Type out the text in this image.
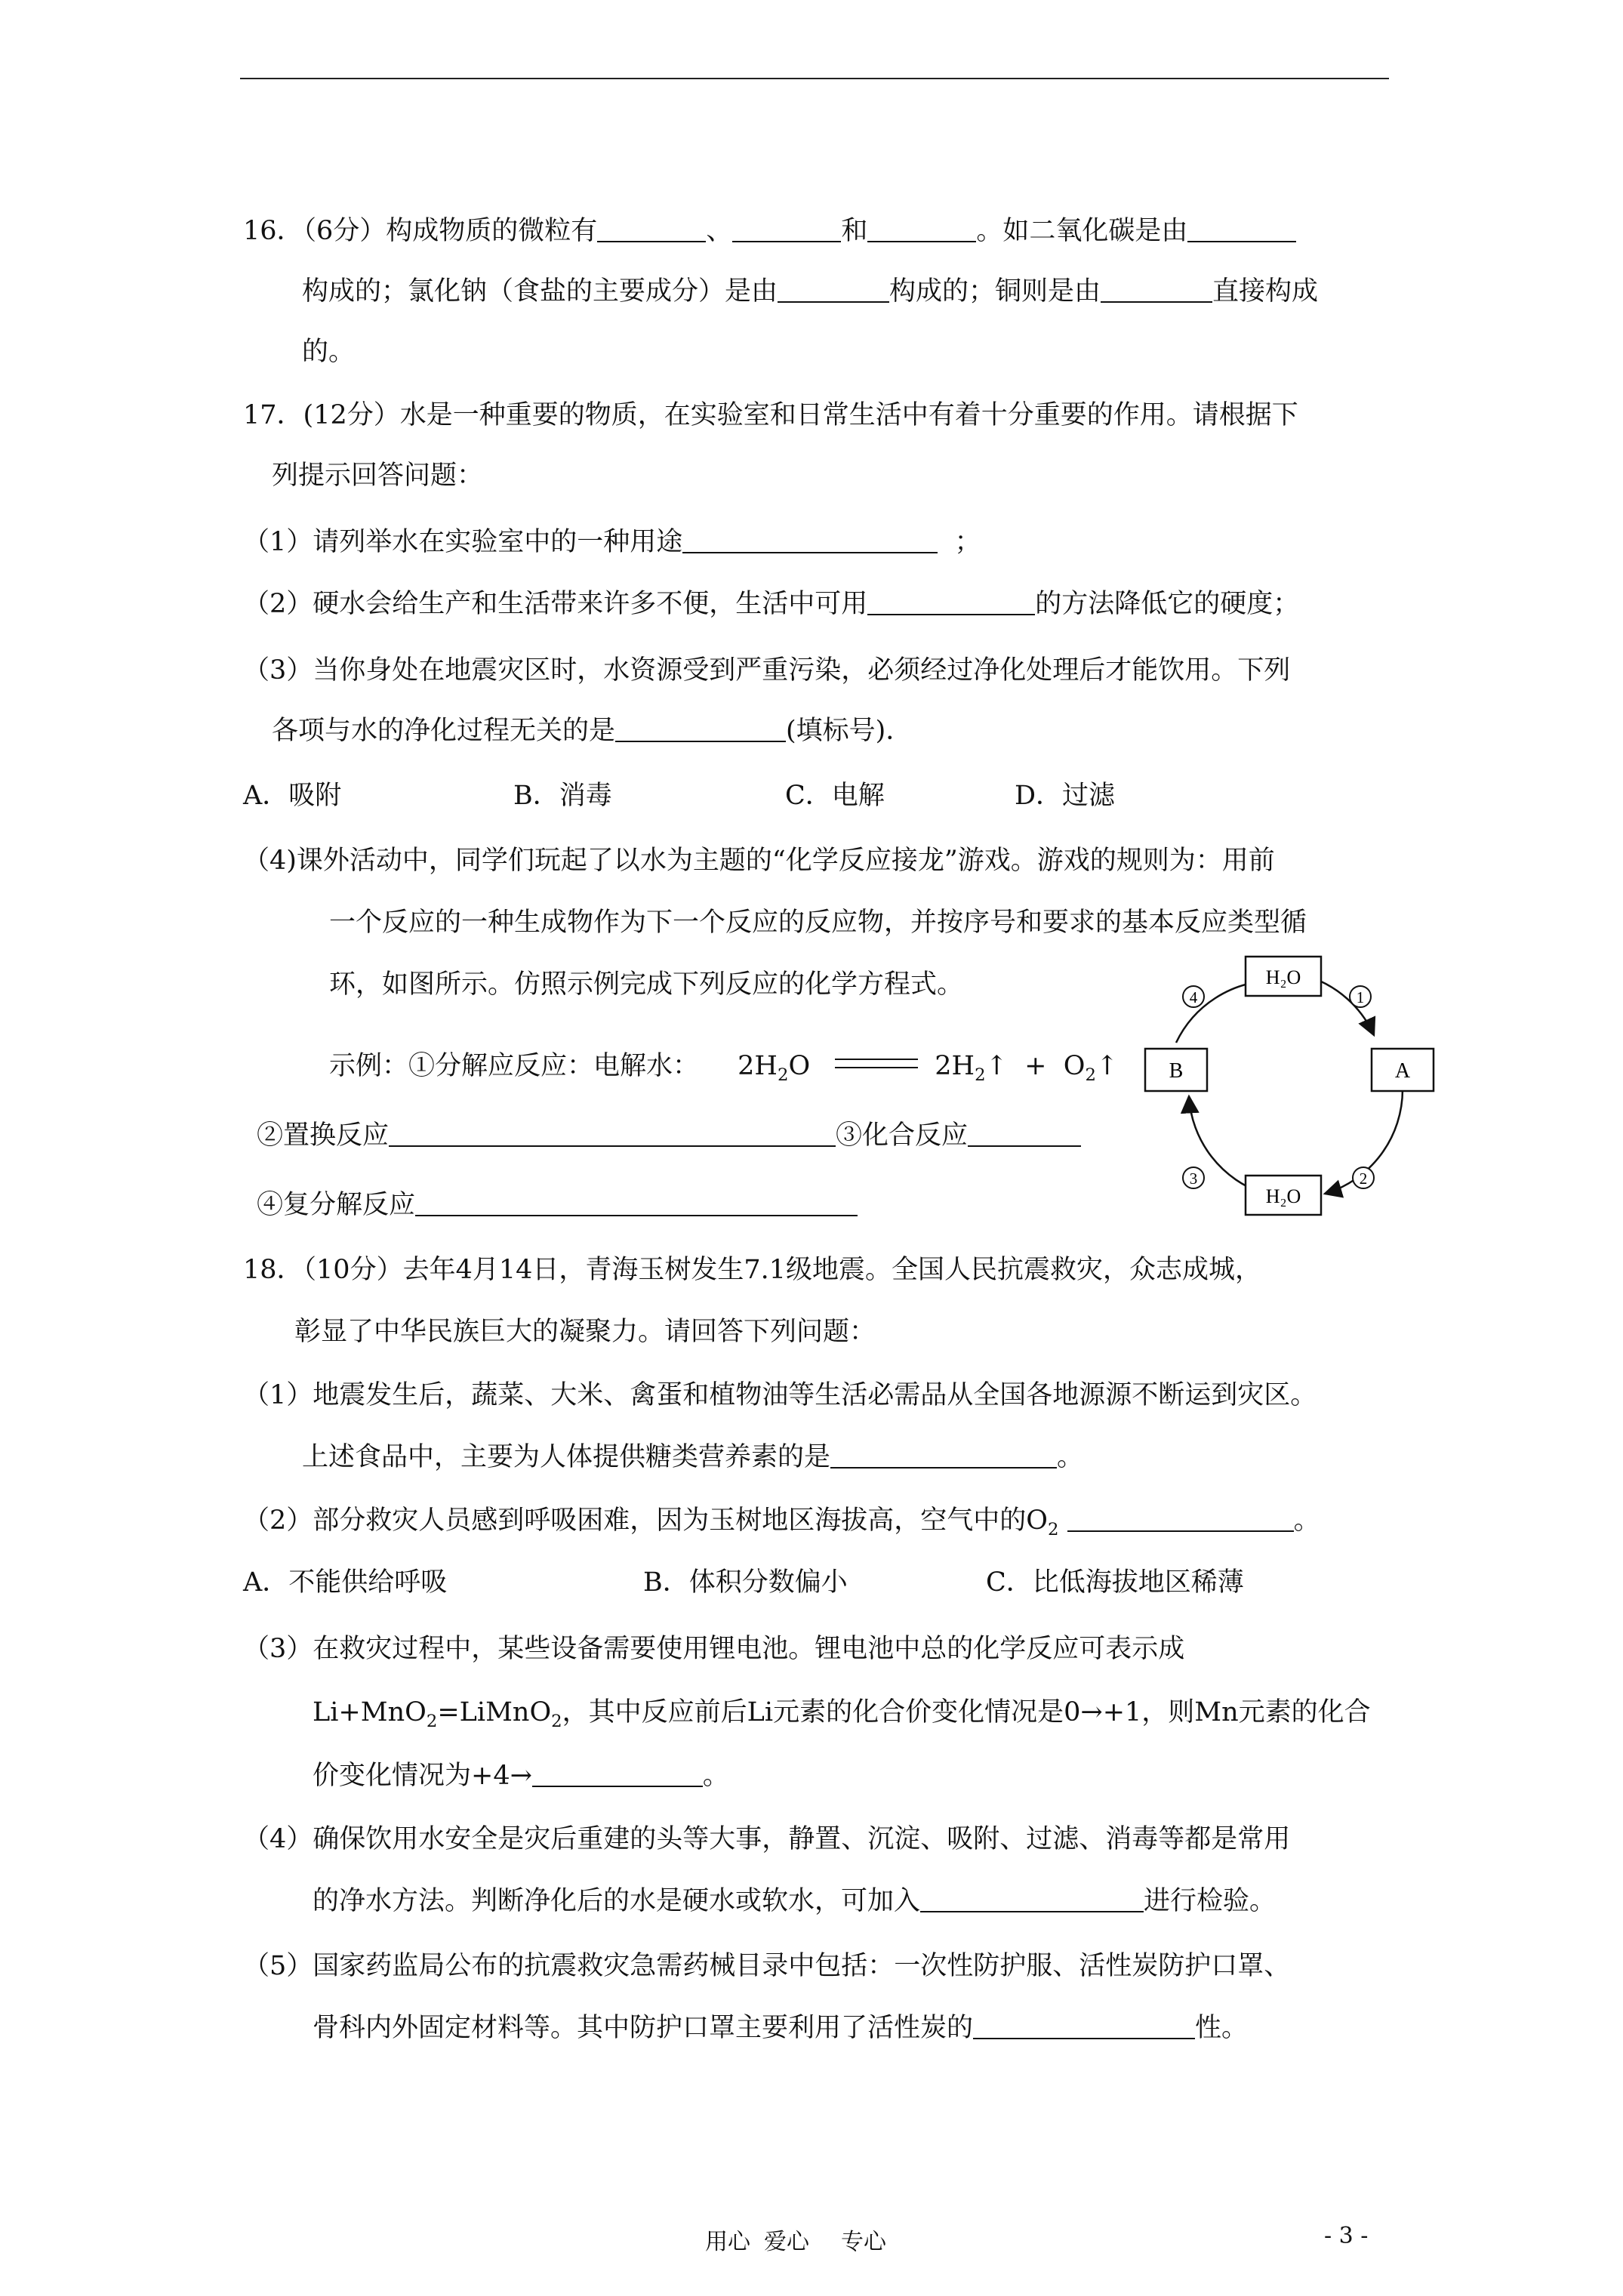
16．（6分）构成物质的微粒有	、	和	。如二氧化碳是由
构成的；氯化钠（食盐的主要成分）是由	构成的；铜则是由	直接构成
的。
17．(12分）水是一种重要的物质，在实验室和日常生活中有着十分重要的作用。请根据下
列提示回答问题：
（1）请列举水在实验室中的一种用途	；
（2）硬水会给生产和生活带来许多不便，生活中可用	的方法降低它的硬度；
（3）当你身处在地震灾区时，水资源受到严重污染，必须经过净化处理后才能饮用。下列
各项与水的净化过程无关的是	(填标号)．
A．吸附	B．消毒	C．电解	D．过滤
（4)课外活动中，同学们玩起了以水为主题的“化学反应接龙”游戏。游戏的规则为：用前
一个反应的一种生成物作为下一个反应的反应物，并按序号和要求的基本反应类型循
环，如图所示。仿照示例完成下列反应的化学方程式。
示例：①分解应反应：电解水： $2H_2O$	$2H_2↑$ + $O_2↑$
②置换反应	③化合反应
④复分解反应
H₂O
H₂O
B	A
4	1
2
3
18．（10分）去年4月14日，青海玉树发生7.1级地震。全国人民抗震救灾，众志成城，
彰显了中华民族巨大的凝聚力。请回答下列问题：
（1）地震发生后，蔬菜、大米、禽蛋和植物油等生活必需品从全国各地源源不断运到灾区。
上述食品中，主要为人体提供糖类营养素的是	。
（2）部分救灾人员感到呼吸困难，因为玉树地区海拔高，空气中的$O_2$	。
A．不能供给呼吸	B．体积分数偏小	C．比低海拔地区稀薄
（3）在救灾过程中，某些设备需要使用锂电池。锂电池中总的化学反应可表示成
Li+MnO$_2$=LiMnO$_2$，其中反应前后Li元素的化合价变化情况是0→+1，则Mn元素的化合
价变化情况为+4→	。
（4）确保饮用水安全是灾后重建的头等大事，静置、沉淀、吸附、过滤、消毒等都是常用
的净水方法。判断净化后的水是硬水或软水，可加入	进行检验。
（5）国家药监局公布的抗震救灾急需药械目录中包括：一次性防护服、活性炭防护口罩、
骨科内外固定材料等。其中防护口罩主要利用了活性炭的	性。
用心 爱心 专心	- 3 -
